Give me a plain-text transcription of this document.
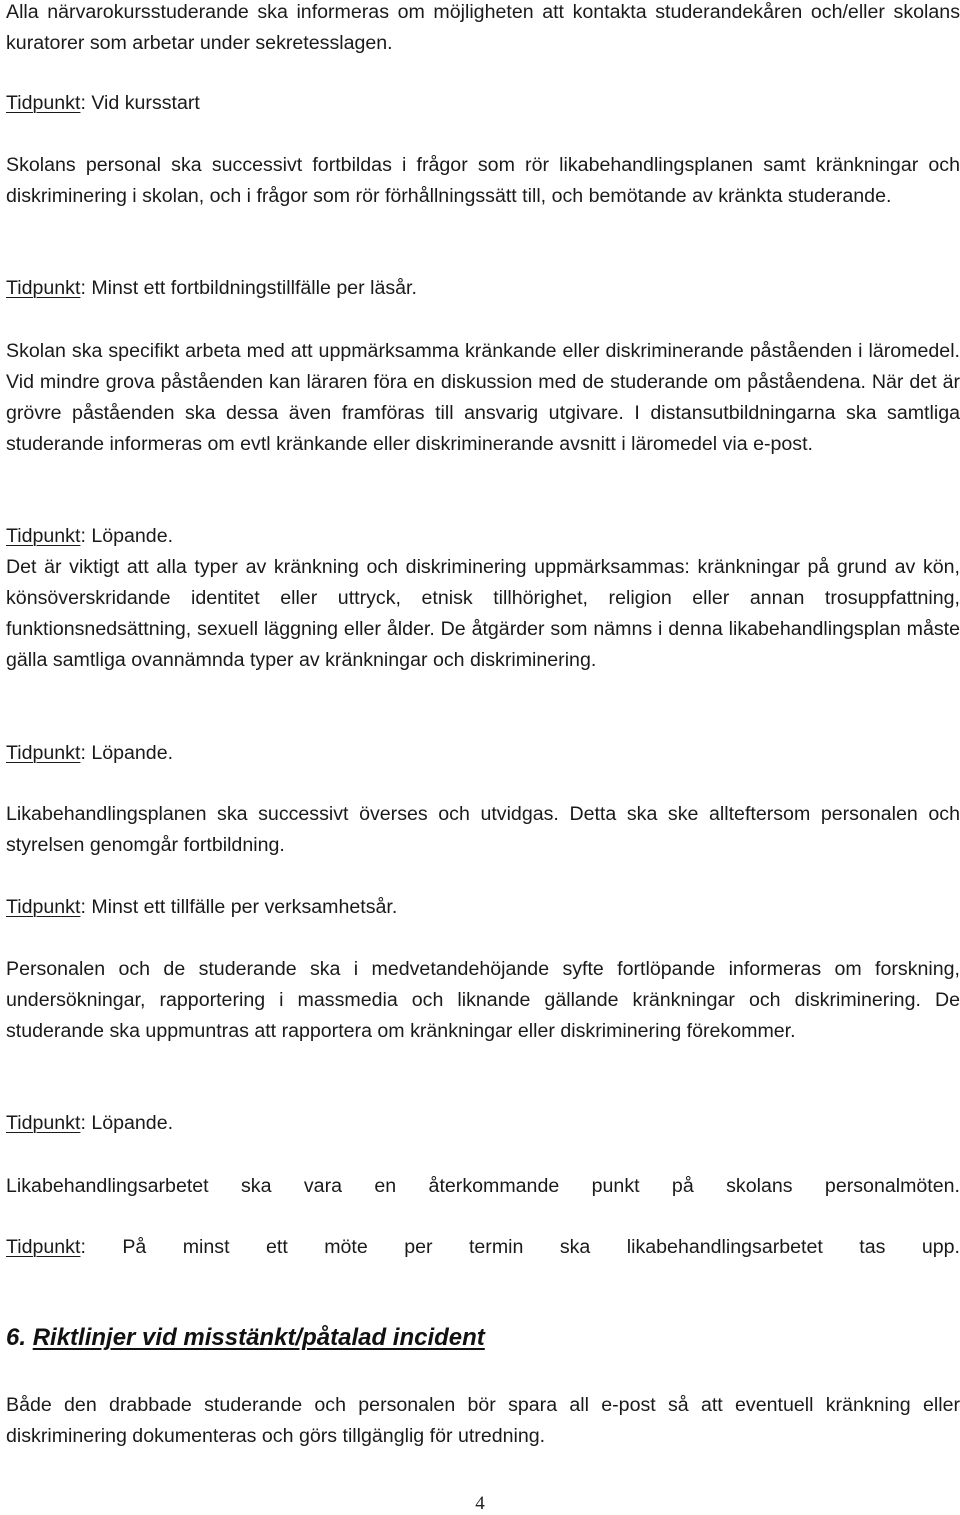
Alla närvarokursstuderande ska informeras om möjligheten att kontakta studerandekåren och/eller skolans kuratorer som arbetar under sekretesslagen.

Tidpunkt: Vid kursstart

Skolans personal ska successivt fortbildas i frågor som rör likabehandlingsplanen samt kränkningar och diskriminering i skolan, och i frågor som rör förhållningssätt till, och bemötande av kränkta studerande.

Tidpunkt: Minst ett fortbildningstillfälle per läsår.

Skolan ska specifikt arbeta med att uppmärksamma kränkande eller diskriminerande påståenden i läromedel. Vid mindre grova påståenden kan läraren föra en diskussion med de studerande om påståendena. När det är grövre påståenden ska dessa även framföras till ansvarig utgivare. I distansutbildningarna ska samtliga studerande informeras om evtl kränkande eller diskriminerande avsnitt i läromedel via e-post.

Tidpunkt: Löpande.

Det är viktigt att alla typer av kränkning och diskriminering uppmärksammas: kränkningar på grund av kön, könsöverskridande identitet eller uttryck, etnisk tillhörighet, religion eller annan trosuppfattning, funktionsnedsättning, sexuell läggning eller ålder. De åtgärder som nämns i denna likabehandlingsplan måste gälla samtliga ovannämnda typer av kränkningar och diskriminering.

Tidpunkt: Löpande.

Likabehandlingsplanen ska successivt överses och utvidgas. Detta ska ske allteftersom personalen och styrelsen genomgår fortbildning.

Tidpunkt: Minst ett tillfälle per verksamhetsår.

Personalen och de studerande ska i medvetandehöjande syfte fortlöpande informeras om forskning, undersökningar, rapportering i massmedia och liknande gällande kränkningar och diskriminering. De studerande ska uppmuntras att rapportera om kränkningar eller diskriminering förekommer.

Tidpunkt: Löpande.

Likabehandlingsarbetet ska vara en återkommande punkt på skolans personalmöten.

Tidpunkt: På minst ett möte per termin ska likabehandlingsarbetet tas upp.

6. Riktlinjer vid misstänkt/påtalad incident

Både den drabbade studerande och personalen bör spara all e-post så att eventuell kränkning eller diskriminering dokumenteras och görs tillgänglig för utredning.

4
